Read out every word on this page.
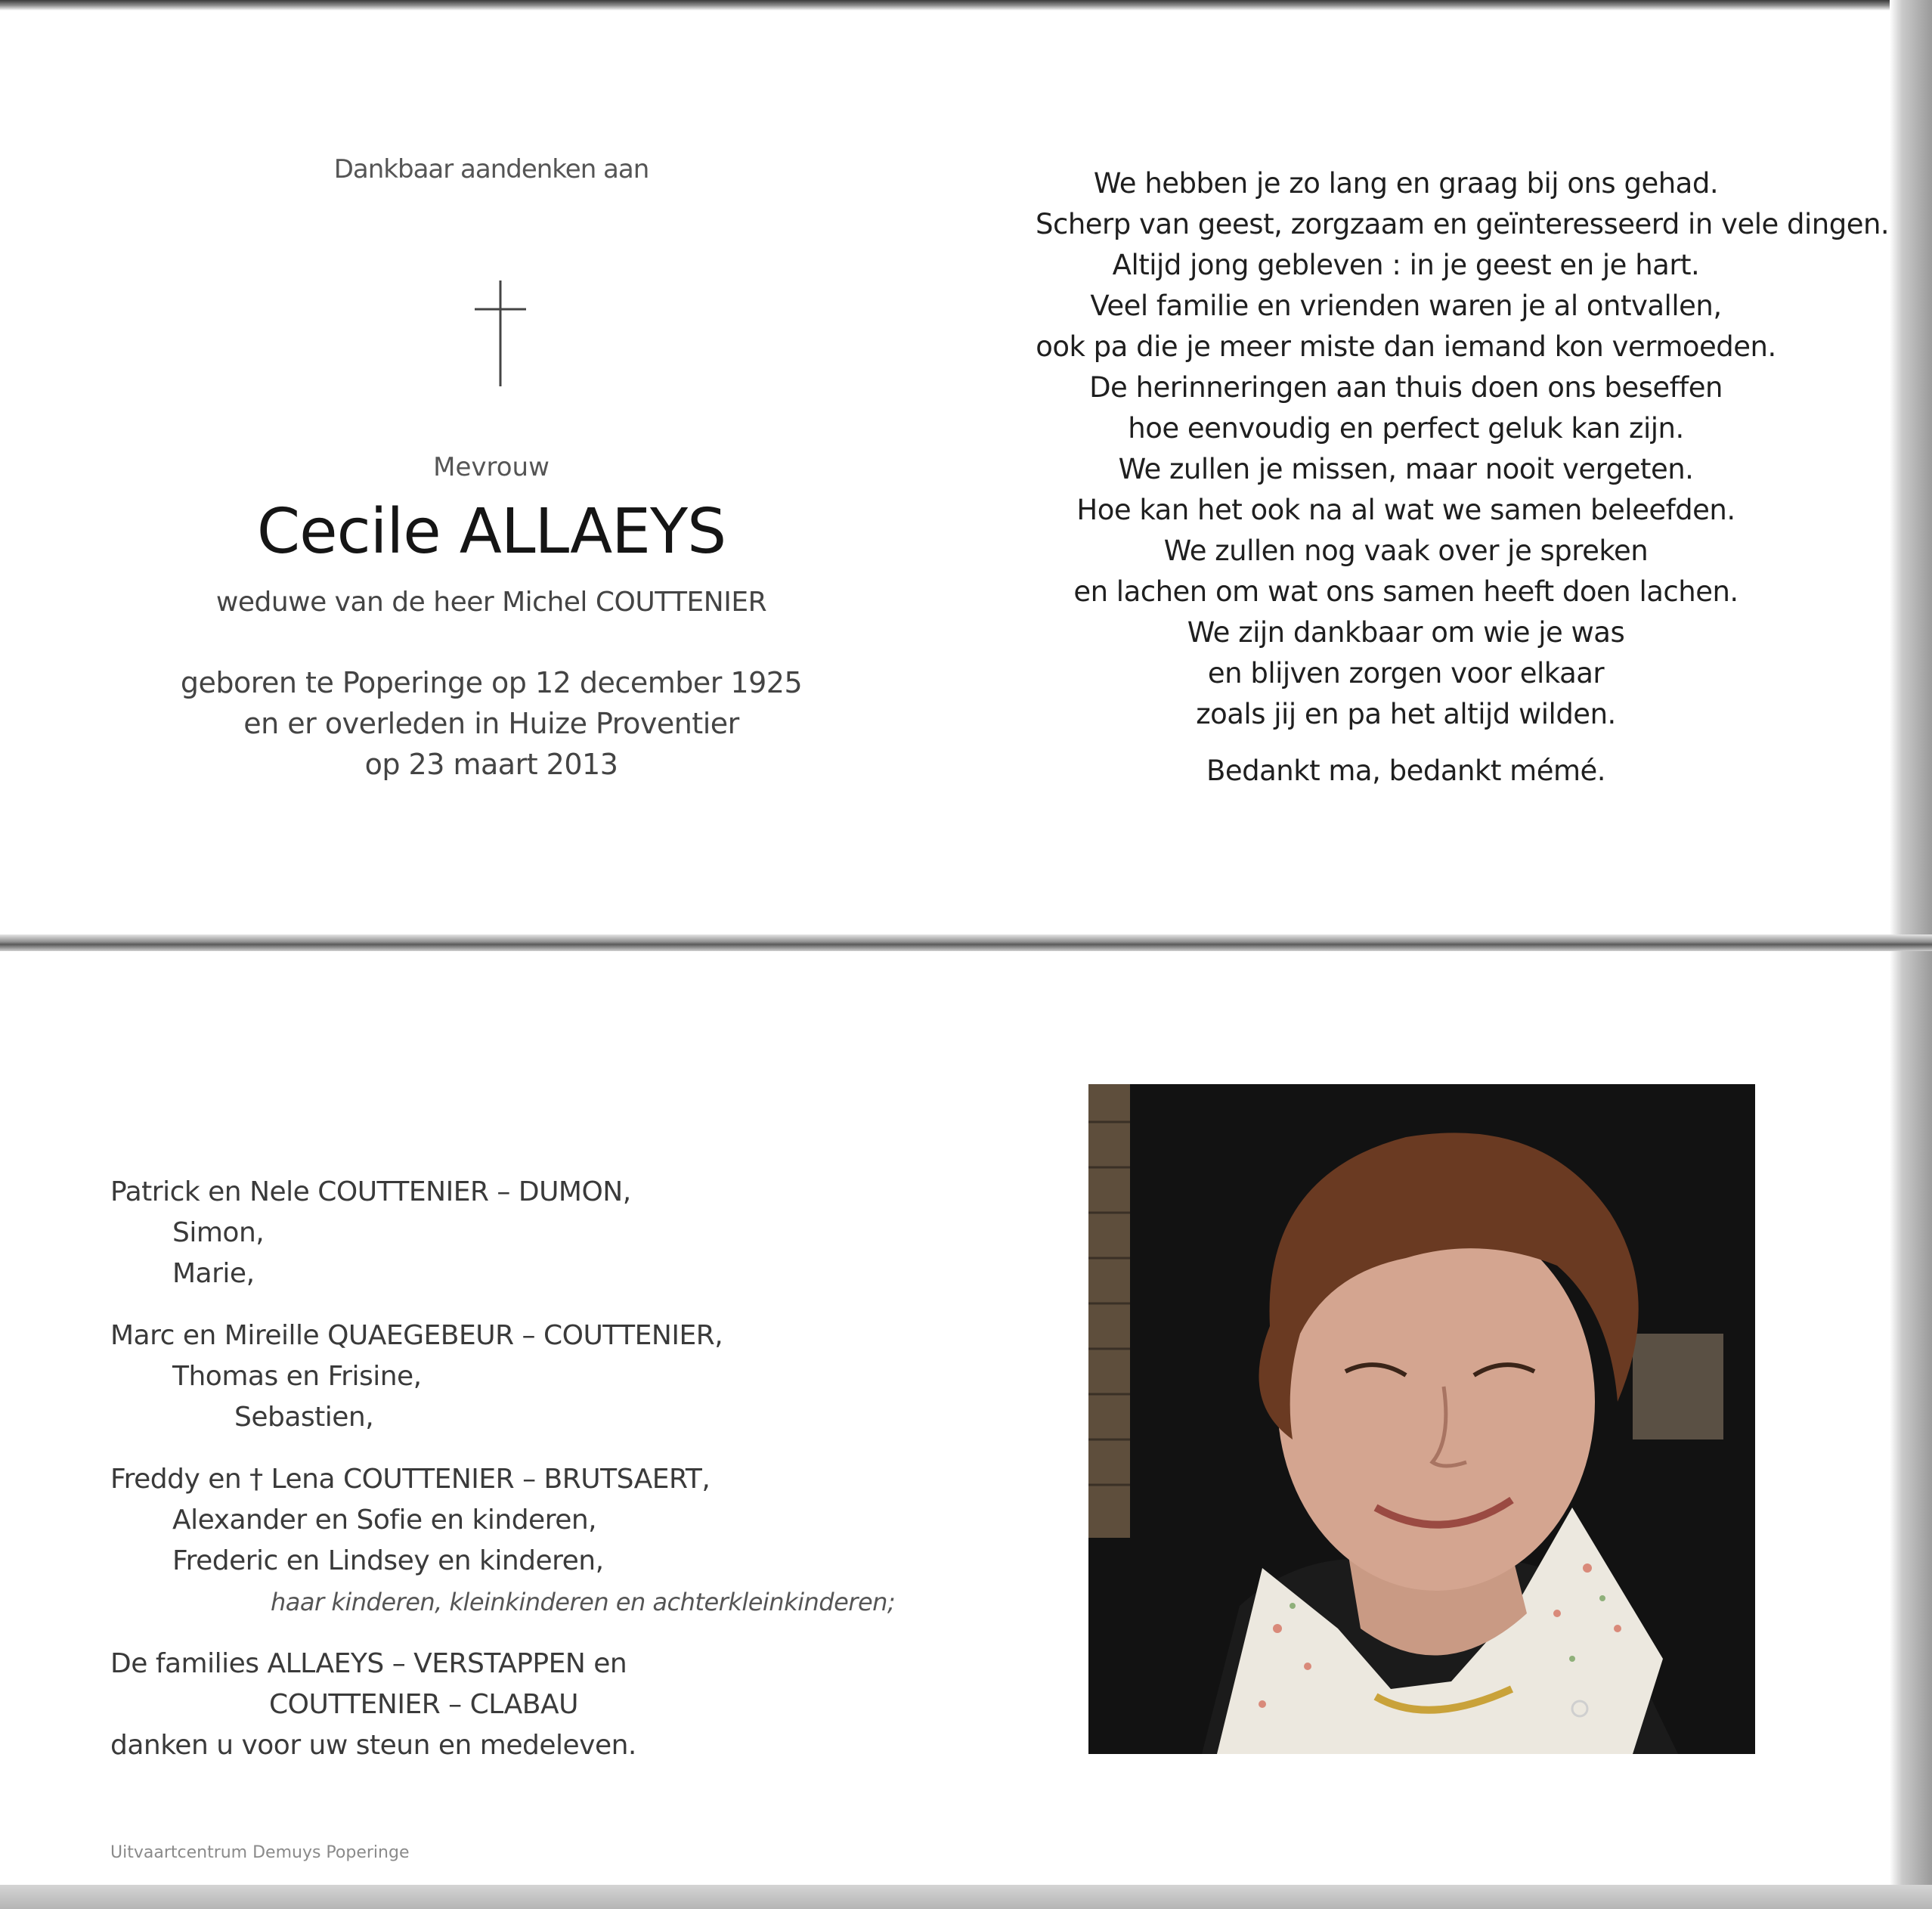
Dankbaar aandenken aan
Mevrouw
Cecile ALLAEYS
weduwe van de heer Michel COUTTENIER
geboren te Poperinge op 12 december 1925
en er overleden in Huize Proventier
op 23 maart 2013
We hebben je zo lang en graag bij ons gehad.
Scherp van geest, zorgzaam en geïnteresseerd in vele dingen.
Altijd jong gebleven : in je geest en je hart.
Veel familie en vrienden waren je al ontvallen,
ook pa die je meer miste dan iemand kon vermoeden.
De herinneringen aan thuis doen ons beseffen
hoe eenvoudig en perfect geluk kan zijn.
We zullen je missen, maar nooit vergeten.
Hoe kan het ook na al wat we samen beleefden.
We zullen nog vaak over je spreken
en lachen om wat ons samen heeft doen lachen.
We zijn dankbaar om wie je was
en blijven zorgen voor elkaar
zoals jij en pa het altijd wilden.
Bedankt ma, bedankt mémé.
Patrick en Nele COUTTENIER – DUMON,
Simon,
Marie,
Marc en Mireille QUAEGEBEUR – COUTTENIER,
Thomas en Frisine,
Sebastien,
Freddy en † Lena COUTTENIER – BRUTSAERT,
Alexander en Sofie en kinderen,
Frederic en Lindsey en kinderen,
haar kinderen, kleinkinderen en achterkleinkinderen;
De families ALLAEYS – VERSTAPPEN en
COUTTENIER – CLABAU
danken u voor uw steun en medeleven.
Uitvaartcentrum Demuys Poperinge
